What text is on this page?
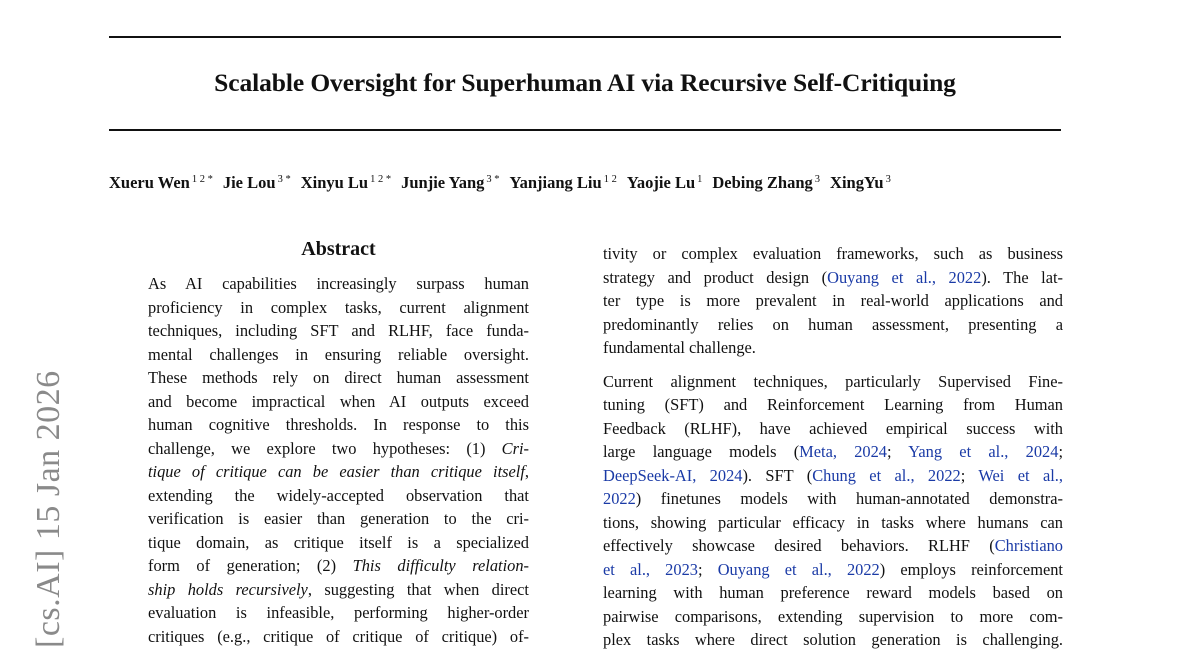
Scalable Oversight for Superhuman AI via Recursive Self-Critiquing
Xueru Wen $^{1 2 *}$ Jie Lou $^{3 *}$ Xinyu Lu $^{1 2 *}$ Junjie Yang $^{3 *}$ Yanjiang Liu $^{1 2}$ Yaojie Lu $^1$ Debing Zhang $^3$ XingYu $^3$
[cs.AI] 15 Jan 2026
Abstract
As AI capabilities increasingly surpass human
proficiency in complex tasks, current alignment
techniques, including SFT and RLHF, face funda-
mental challenges in ensuring reliable oversight.
These methods rely on direct human assessment
and become impractical when AI outputs exceed
human cognitive thresholds. In response to this
challenge, we explore two hypotheses: (1) Cri-
tique of critique can be easier than critique itself,
extending the widely-accepted observation that
verification is easier than generation to the cri-
tique domain, as critique itself is a specialized
form of generation; (2) This difficulty relation-
ship holds recursively, suggesting that when direct
evaluation is infeasible, performing higher-order
critiques (e.g., critique of critique of critique) of-
tivity or complex evaluation frameworks, such as business
strategy and product design (Ouyang et al., 2022). The lat-
ter type is more prevalent in real-world applications and
predominantly relies on human assessment, presenting a
fundamental challenge.
Current alignment techniques, particularly Supervised Fine-
tuning (SFT) and Reinforcement Learning from Human
Feedback (RLHF), have achieved empirical success with
large language models (Meta, 2024; Yang et al., 2024;
DeepSeek-AI, 2024). SFT (Chung et al., 2022; Wei et al.,
2022) finetunes models with human-annotated demonstra-
tions, showing particular efficacy in tasks where humans can
effectively showcase desired behaviors. RLHF (Christiano
et al., 2023; Ouyang et al., 2022) employs reinforcement
learning with human preference reward models based on
pairwise comparisons, extending supervision to more com-
plex tasks where direct solution generation is challenging.
